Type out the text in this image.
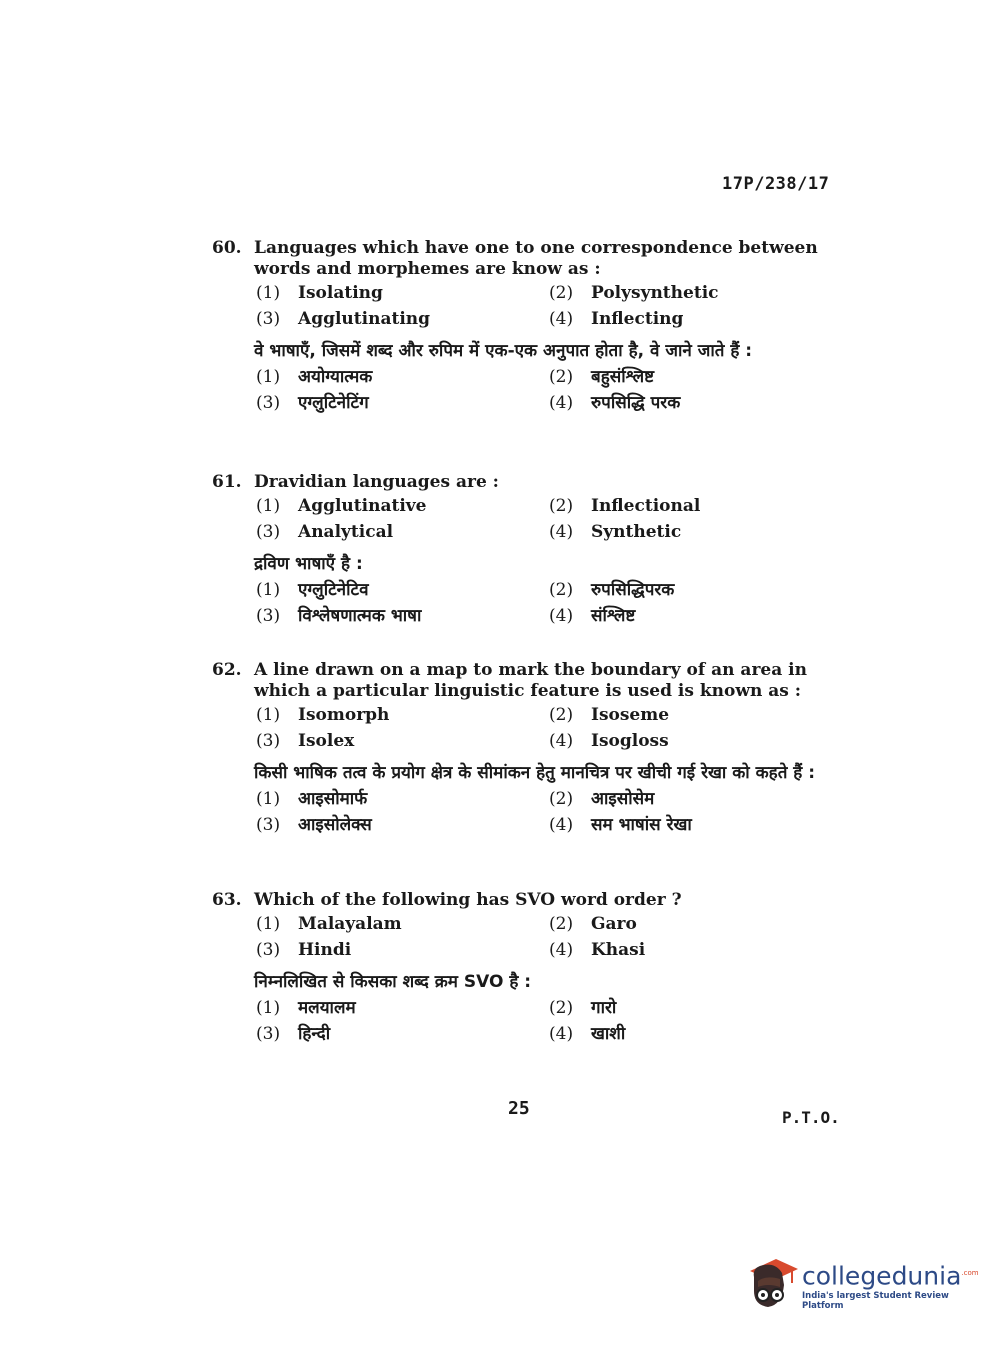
17P/238/17
60. Languages which have one to one correspondence between words and morphemes are know as :
(1)	Isolating	(2)	Polysynthetic
(3)	Agglutinating	(4)	Inflecting
वे भाषाएँ, जिसमें शब्द और रुपिम में एक-एक अनुपात होता है, वे जाने जाते हैं :
(1)	अयोग्यात्मक	(2)	बहुसंश्लिष्ट
(3)	एग्लुटिनेटिंग	(4)	रुपसिद्धि परक
61. Dravidian languages are :
(1)	Agglutinative	(2)	Inflectional
(3)	Analytical	(4)	Synthetic
द्रविण भाषाएँ है :
(1)	एग्लुटिनेटिव	(2)	रुपसिद्धिपरक
(3)	विश्लेषणात्मक भाषा	(4)	संश्लिष्ट
62. A line drawn on a map to mark the boundary of an area in which a particular linguistic feature is used is known as :
(1)	Isomorph	(2)	Isoseme
(3)	Isolex	(4)	Isogloss
किसी भाषिक तत्व के प्रयोग क्षेत्र के सीमांकन हेतु मानचित्र पर खीची गई रेखा को कहते हैं :
(1)	आइसोमार्फ	(2)	आइसोसेम
(3)	आइसोलेक्स	(4)	सम भाषांस रेखा
63. Which of the following has SVO word order ?
(1)	Malayalam	(2)	Garo
(3)	Hindi	(4)	Khasi
निम्नलिखित से किसका शब्द क्रम SVO है :
(1)	मलयालम	(2)	गारो
(3)	हिन्दी	(4)	खाशी
25	P.T.O.
collegedunia$^{.com}$
India's largest Student Review Platform
